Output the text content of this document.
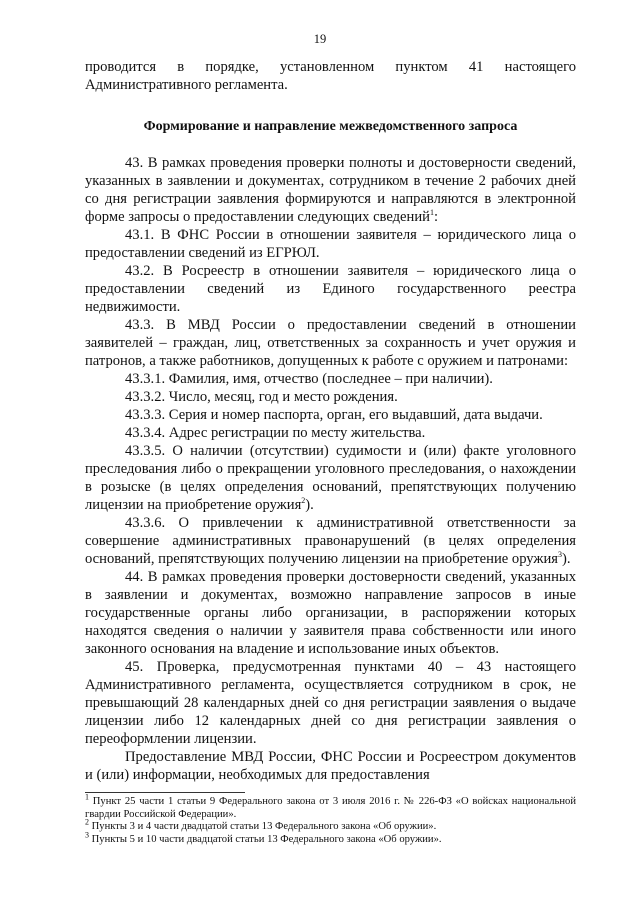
19

проводится в порядке, установленном пунктом 41 настоящего Административного регламента.

Формирование и направление межведомственного запроса

43. В рамках проведения проверки полноты и достоверности сведений, указанных в заявлении и документах, сотрудником в течение 2 рабочих дней со дня регистрации заявления формируются и направляются в электронной форме запросы о предоставлении следующих сведений$^1$:

43.1. В ФНС России в отношении заявителя – юридического лица о предоставлении сведений из ЕГРЮЛ.

43.2. В Росреестр в отношении заявителя – юридического лица о предоставлении сведений из Единого государственного реестра недвижимости.

43.3. В МВД России о предоставлении сведений в отношении заявителей – граждан, лиц, ответственных за сохранность и учет оружия и патронов, а также работников, допущенных к работе с оружием и патронами:

43.3.1. Фамилия, имя, отчество (последнее – при наличии).

43.3.2. Число, месяц, год и место рождения.

43.3.3. Серия и номер паспорта, орган, его выдавший, дата выдачи.

43.3.4. Адрес регистрации по месту жительства.

43.3.5. О наличии (отсутствии) судимости и (или) факте уголовного преследования либо о прекращении уголовного преследования, о нахождении в розыске (в целях определения оснований, препятствующих получению лицензии на приобретение оружия$^2$).

43.3.6. О привлечении к административной ответственности за совершение административных правонарушений (в целях определения оснований, препятствующих получению лицензии на приобретение оружия$^3$).

44. В рамках проведения проверки достоверности сведений, указанных в заявлении и документах, возможно направление запросов в иные государственные органы либо организации, в распоряжении которых находятся сведения о наличии у заявителя права собственности или иного законного основания на владение и использование иных объектов.

45. Проверка, предусмотренная пунктами 40 – 43 настоящего Административного регламента, осуществляется сотрудником в срок, не превышающий 28 календарных дней со дня регистрации заявления о выдаче лицензии либо 12 календарных дней со дня регистрации заявления о переоформлении лицензии.

Предоставление МВД России, ФНС России и Росреестром документов и (или) информации, необходимых для предоставления

$^1$ Пункт 25 части 1 статьи 9 Федерального закона от 3 июля 2016 г. № 226-ФЗ «О войсках национальной гвардии Российской Федерации».

$^2$ Пункты 3 и 4 части двадцатой статьи 13 Федерального закона «Об оружии».

$^3$ Пункты 5 и 10 части двадцатой статьи 13 Федерального закона «Об оружии».
